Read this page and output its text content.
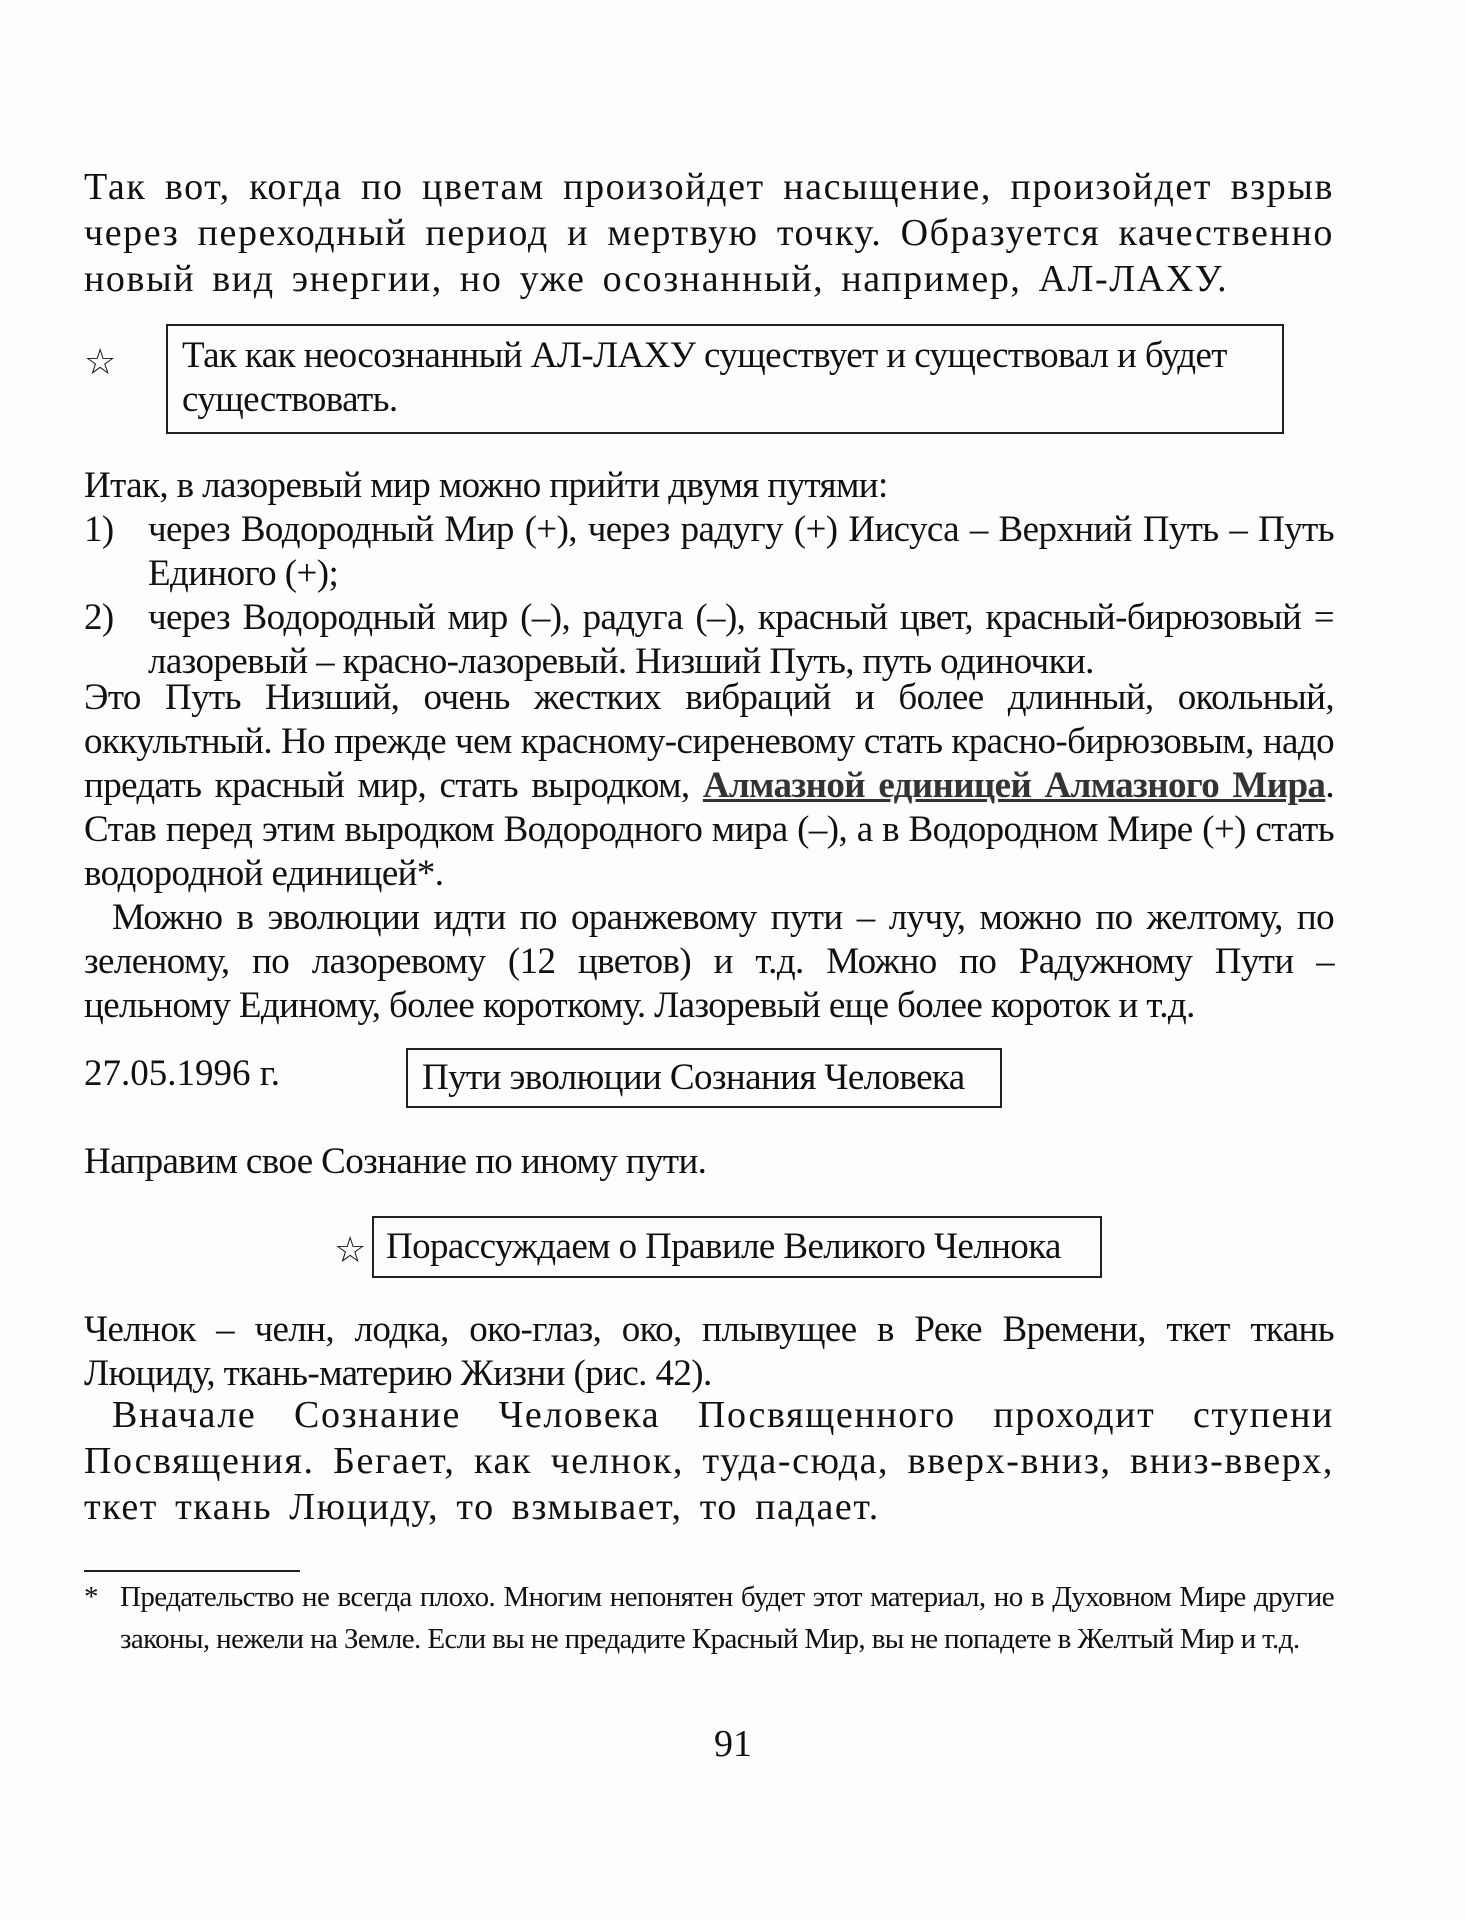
Так вот, когда по цветам произойдет насыщение, произойдет взрыв через переходный период и мертвую точку. Образуется качественно новый вид энергии, но уже осознанный, например, АЛ-ЛАХУ.

☆ Так как неосознанный АЛ-ЛАХУ существует и существовал и будет существовать.

Итак, в лазоревый мир можно прийти двумя путями:

1) через Водородный Мир (+), через радугу (+) Иисуса – Верхний Путь – Путь Единого (+);
2) через Водородный мир (–), радуга (–), красный цвет, красный-бирюзовый = лазоревый – красно-лазоревый. Низший Путь, путь одиночки.

Это Путь Низший, очень жестких вибраций и более длинный, окольный, оккультный. Но прежде чем красному-сиреневому стать красно-бирюзовым, надо предать красный мир, стать выродком, Алмазной единицей Алмазного Мира. Став перед этим выродком Водородного мира (–), а в Водородном Мире (+) стать водородной единицей*.

Можно в эволюции идти по оранжевому пути – лучу, можно по желтому, по зеленому, по лазоревому (12 цветов) и т.д. Можно по Радужному Пути – цельному Единому, более короткому. Лазоревый еще более короток и т.д.

27.05.1996 г.	Пути эволюции Сознания Человека
Направим свое Сознание по иному пути.
☆ Порассуждаем о Правиле Великого Челнока

Челнок – челн, лодка, око-глаз, око, плывущее в Реке Времени, ткет ткань Люциду, ткань-материю Жизни (рис. 42).

Вначале Сознание Человека Посвященного проходит ступени Посвящения. Бегает, как челнок, туда-сюда, вверх-вниз, вниз-вверх, ткет ткань Люциду, то взмывает, то падает.

* Предательство не всегда плохо. Многим непонятен будет этот материал, но в Духовном Мире другие законы, нежели на Земле. Если вы не предадите Красный Мир, вы не попадете в Желтый Мир и т.д.
91
